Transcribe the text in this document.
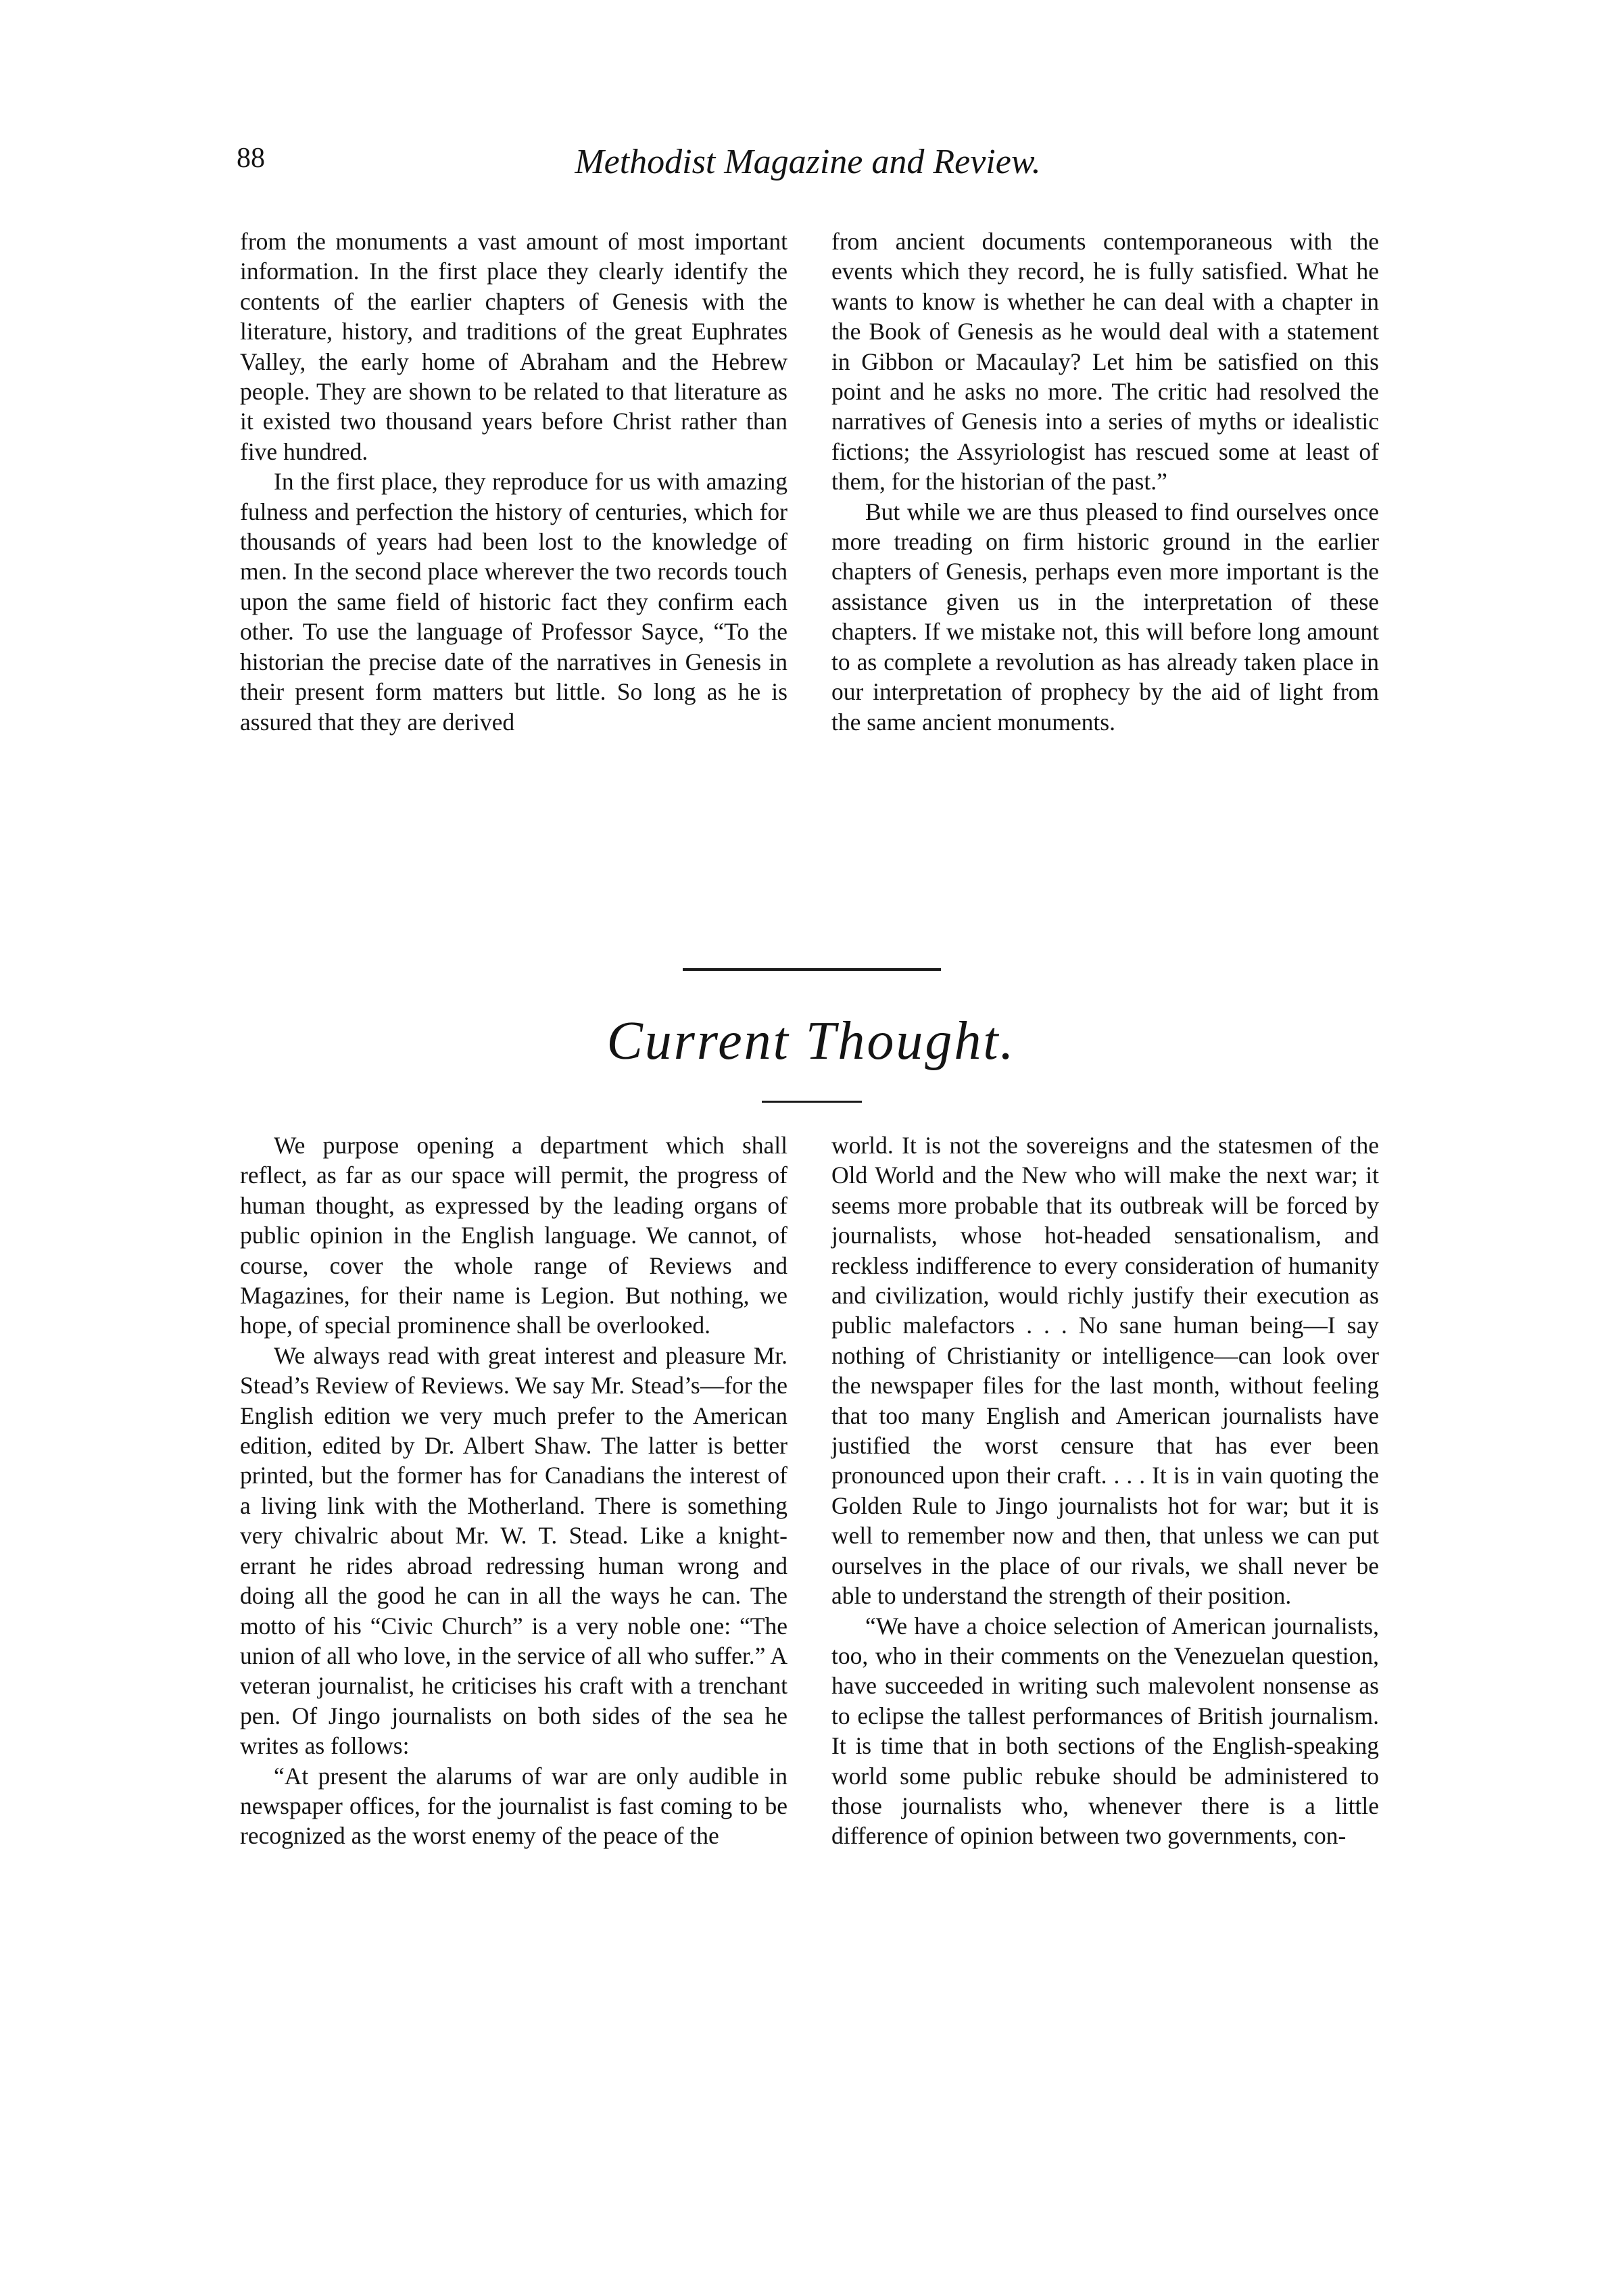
88	Methodist Magazine and Review.

from the monuments a vast amount of most important information. In the first place they clearly identify the contents of the earlier chapters of Genesis with the literature, history, and traditions of the great Euphrates Valley, the early home of Abraham and the Hebrew people. They are shown to be related to that literature as it existed two thousand years before Christ rather than five hundred.

In the first place, they reproduce for us with amazing fulness and perfection the history of centuries, which for thousands of years had been lost to the knowledge of men. In the second place wherever the two records touch upon the same field of historic fact they confirm each other. To use the language of Professor Sayce, “To the historian the precise date of the narratives in Genesis in their present form matters but little. So long as he is assured that they are derived

from ancient documents contemporaneous with the events which they record, he is fully satisfied. What he wants to know is whether he can deal with a chapter in the Book of Genesis as he would deal with a statement in Gibbon or Macaulay? Let him be satisfied on this point and he asks no more. The critic had resolved the narratives of Genesis into a series of myths or idealistic fictions; the Assyriologist has rescued some at least of them, for the historian of the past.”

But while we are thus pleased to find ourselves once more treading on firm historic ground in the earlier chapters of Genesis, perhaps even more important is the assistance given us in the interpretation of these chapters. If we mistake not, this will before long amount to as complete a revolution as has already taken place in our interpretation of prophecy by the aid of light from the same ancient monuments.

Current Thought.

We purpose opening a department which shall reflect, as far as our space will permit, the progress of human thought, as expressed by the leading organs of public opinion in the English language. We cannot, of course, cover the whole range of Reviews and Magazines, for their name is Legion. But nothing, we hope, of special prominence shall be overlooked.

We always read with great interest and pleasure Mr. Stead’s Review of Reviews. We say Mr. Stead’s—for the English edition we very much prefer to the American edition, edited by Dr. Albert Shaw. The latter is better printed, but the former has for Canadians the interest of a living link with the Motherland. There is something very chivalric about Mr. W. T. Stead. Like a knight-errant he rides abroad redressing human wrong and doing all the good he can in all the ways he can. The motto of his “Civic Church” is a very noble one: “The union of all who love, in the service of all who suffer.” A veteran journalist, he criticises his craft with a trenchant pen. Of Jingo journalists on both sides of the sea he writes as follows:

“At present the alarums of war are only audible in newspaper offices, for the journalist is fast coming to be recognized as the worst enemy of the peace of the

world. It is not the sovereigns and the statesmen of the Old World and the New who will make the next war; it seems more probable that its outbreak will be forced by journalists, whose hot-headed sensationalism, and reckless indifference to every consideration of humanity and civilization, would richly justify their execution as public malefactors . . . No sane human being—I say nothing of Christianity or intelligence—can look over the newspaper files for the last month, without feeling that too many English and American journalists have justified the worst censure that has ever been pronounced upon their craft. . . . It is in vain quoting the Golden Rule to Jingo journalists hot for war; but it is well to remember now and then, that unless we can put ourselves in the place of our rivals, we shall never be able to understand the strength of their position.

“We have a choice selection of American journalists, too, who in their comments on the Venezuelan question, have succeeded in writing such malevolent nonsense as to eclipse the tallest performances of British journalism. It is time that in both sections of the English-speaking world some public rebuke should be administered to those journalists who, whenever there is a little difference of opinion between two governments, con-
